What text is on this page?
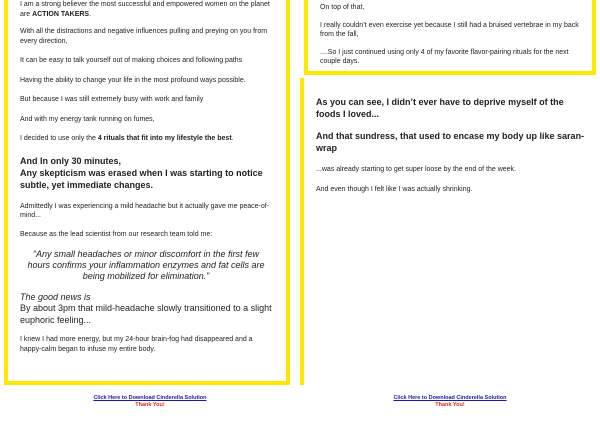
I am a strong believer the most successful and empowered women on the planet are ACTION TAKERS.

With all the distractions and negative influences pulling and preying on you from every direction,

It can be easy to talk yourself out of making choices and following paths

Having the ability to change your life in the most profound ways possible.

But because I was still extremely busy with work and family

And with my energy tank running on fumes,

I decided to use only the 4 rituals that fit into my lifestyle the best.

And In only 30 minutes,

Any skepticism was erased when I was starting to notice subtle, yet immediate changes.

Admittedly I was experiencing a mild headache but it actually gave me peace-of-mind...

Because as the lead scientist from our research team told me:

“Any small headaches or minor discomfort in the first few hours confirms your inflammation enzymes and fat cells are being mobilized for elimination.”

The good news is

By about 3pm that mild-headache slowly transitioned to a slight euphoric feeling...

I knew I had more energy, but my 24-hour brain-fog had disappeared and a happy-calm began to infuse my entire body.

Click Here to Download Cinderella Solution
Thank You!

On top of that,

I really couldn’t even exercise yet because I still had a bruised vertebrae in my back from the fall,

....So I just continued using only 4 of my favorite flavor-pairing rituals for the next couple days.

As you can see, I didn’t ever have to deprive myself of the foods I loved...

And that sundress, that used to encase my body up like saran-wrap

...was already starting to get super loose by the end of the week.

And even though I felt like I was actually shrinking.

Click Here to Download Cinderella Solution
Thank You!
